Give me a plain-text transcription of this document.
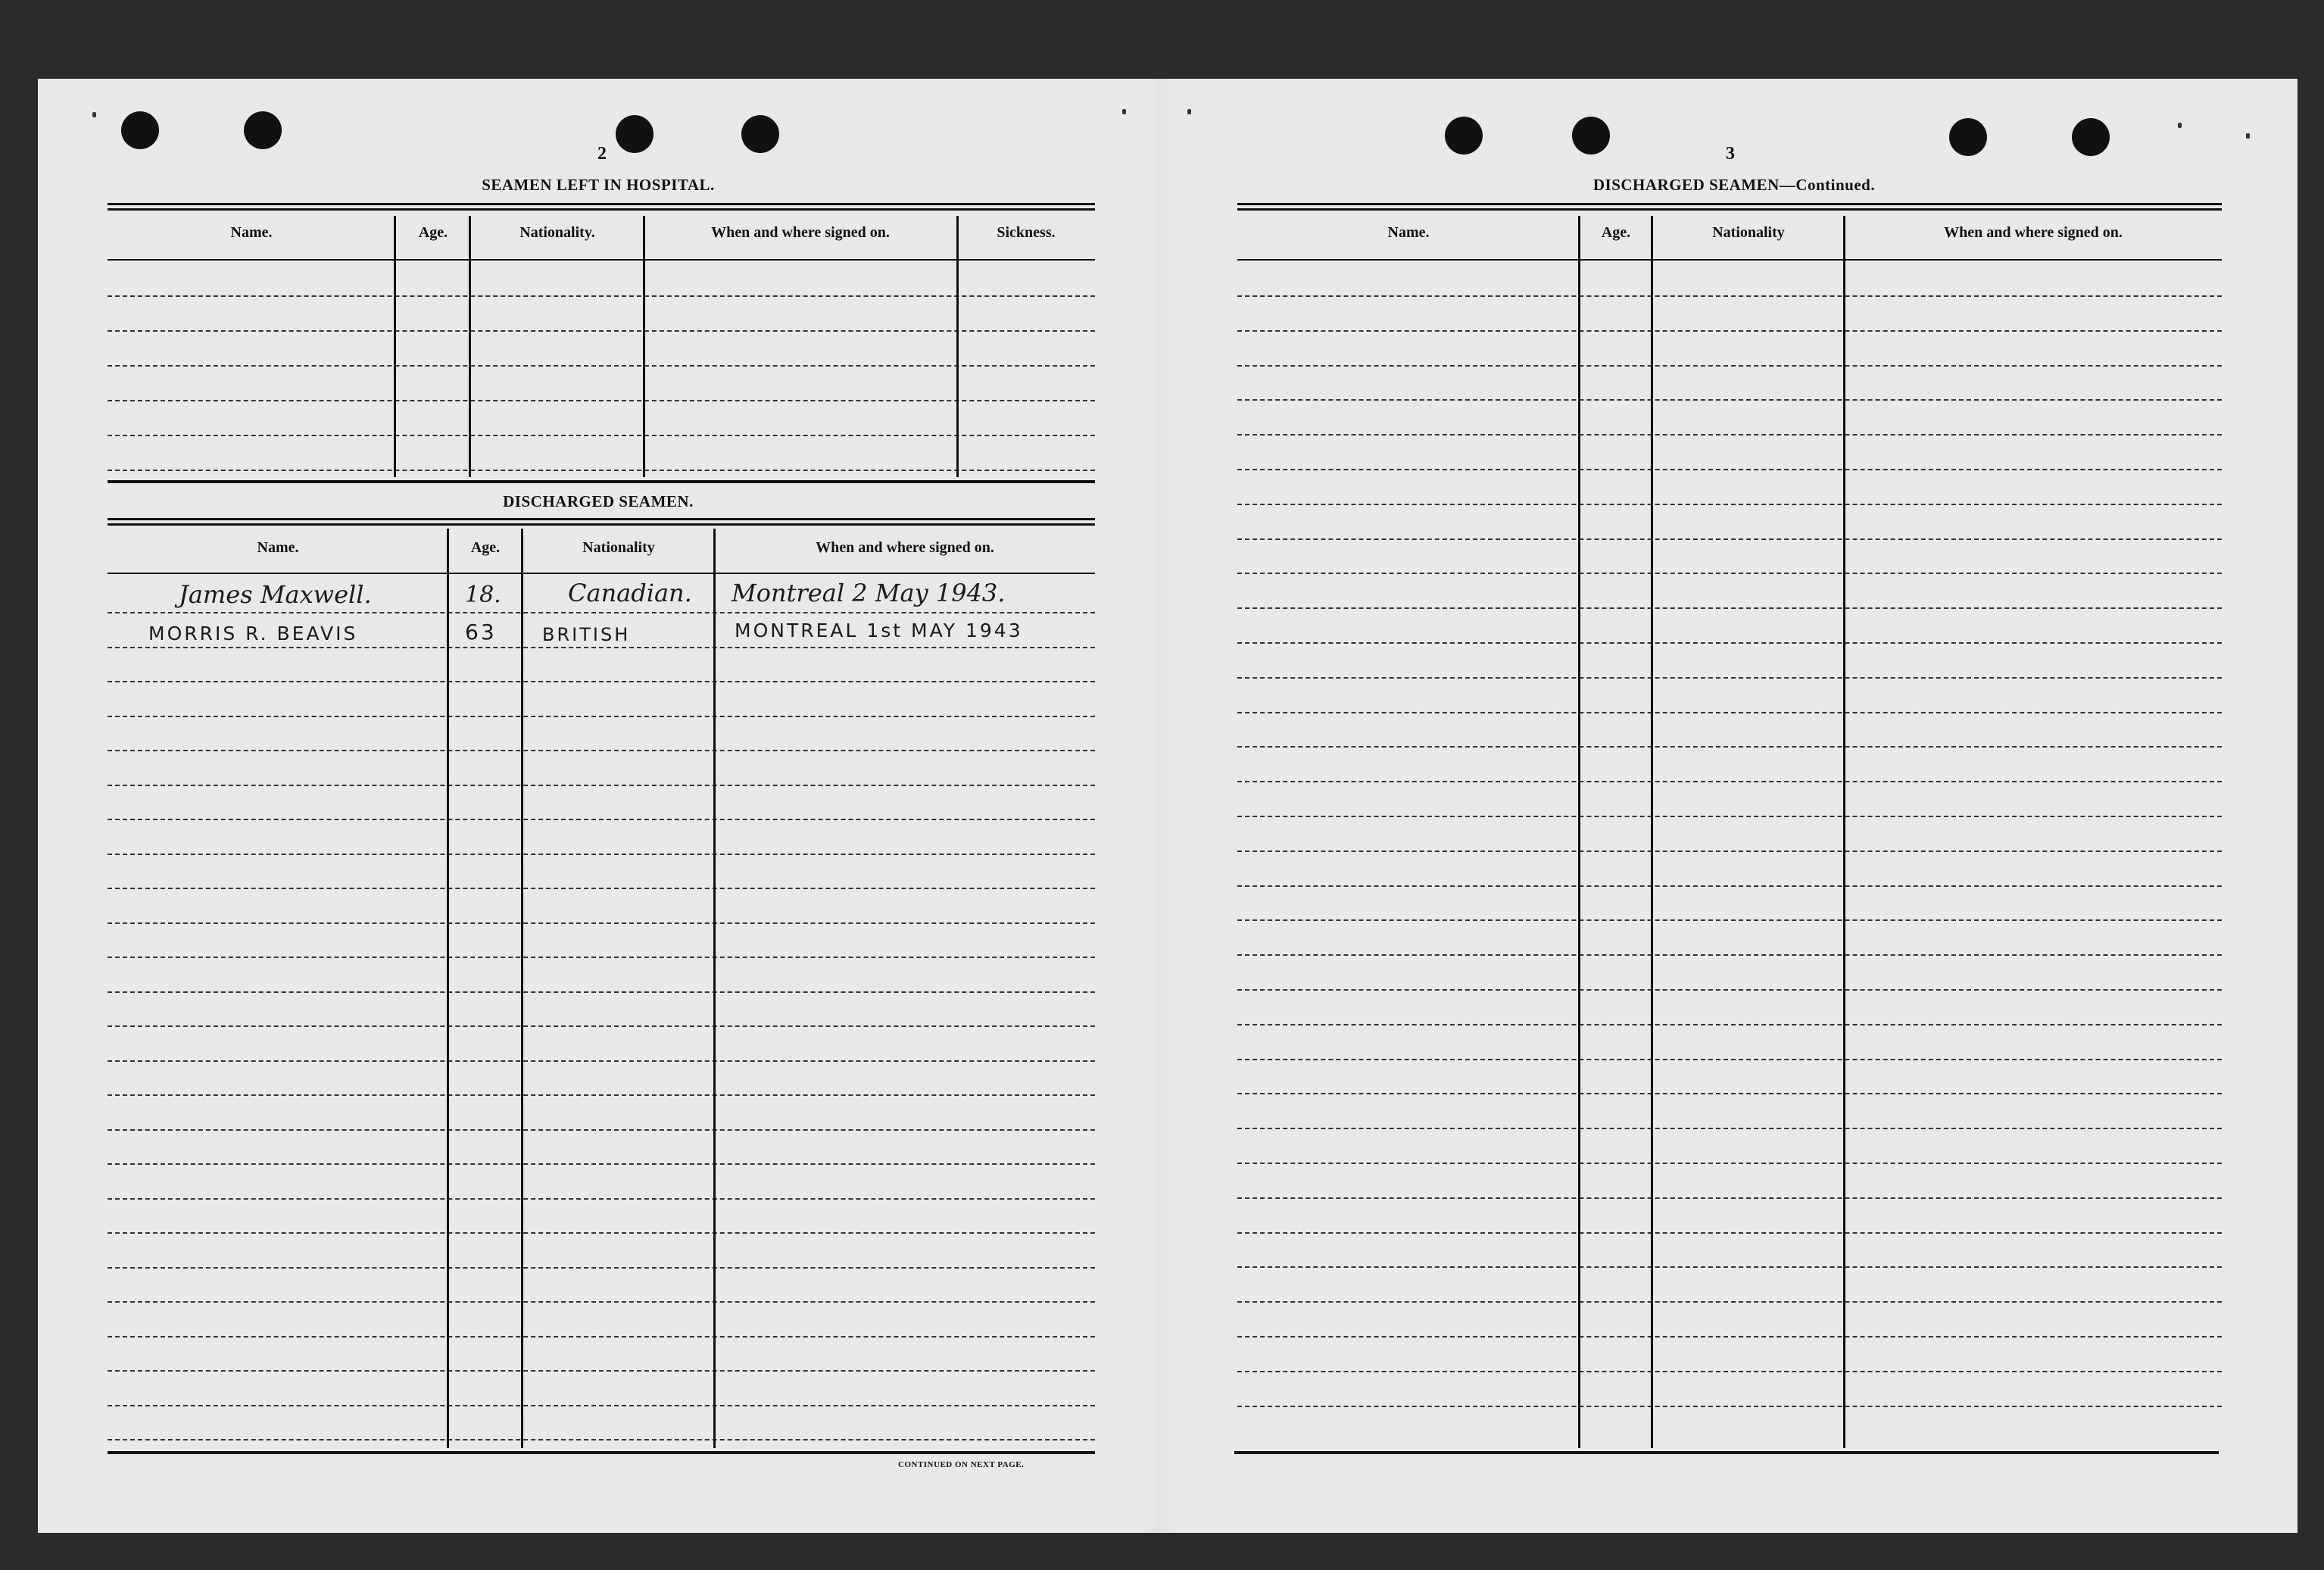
2
SEAMEN LEFT IN HOSPITAL.
Name.	Age.	Nationality.	When and where signed on.	Sickness.
DISCHARGED SEAMEN.
Name.	Age.	Nationality	When and where signed on.
James Maxwell.	18.	Canadian. Montreal 2 May 1943.
MORRIS R. BEAVIS	63	BRITISH	MONTREAL 1st MAY 1943
CONTINUED ON NEXT PAGE.
3
DISCHARGED SEAMEN—Continued.
Name.	Age.	Nationality	When and where signed on.
